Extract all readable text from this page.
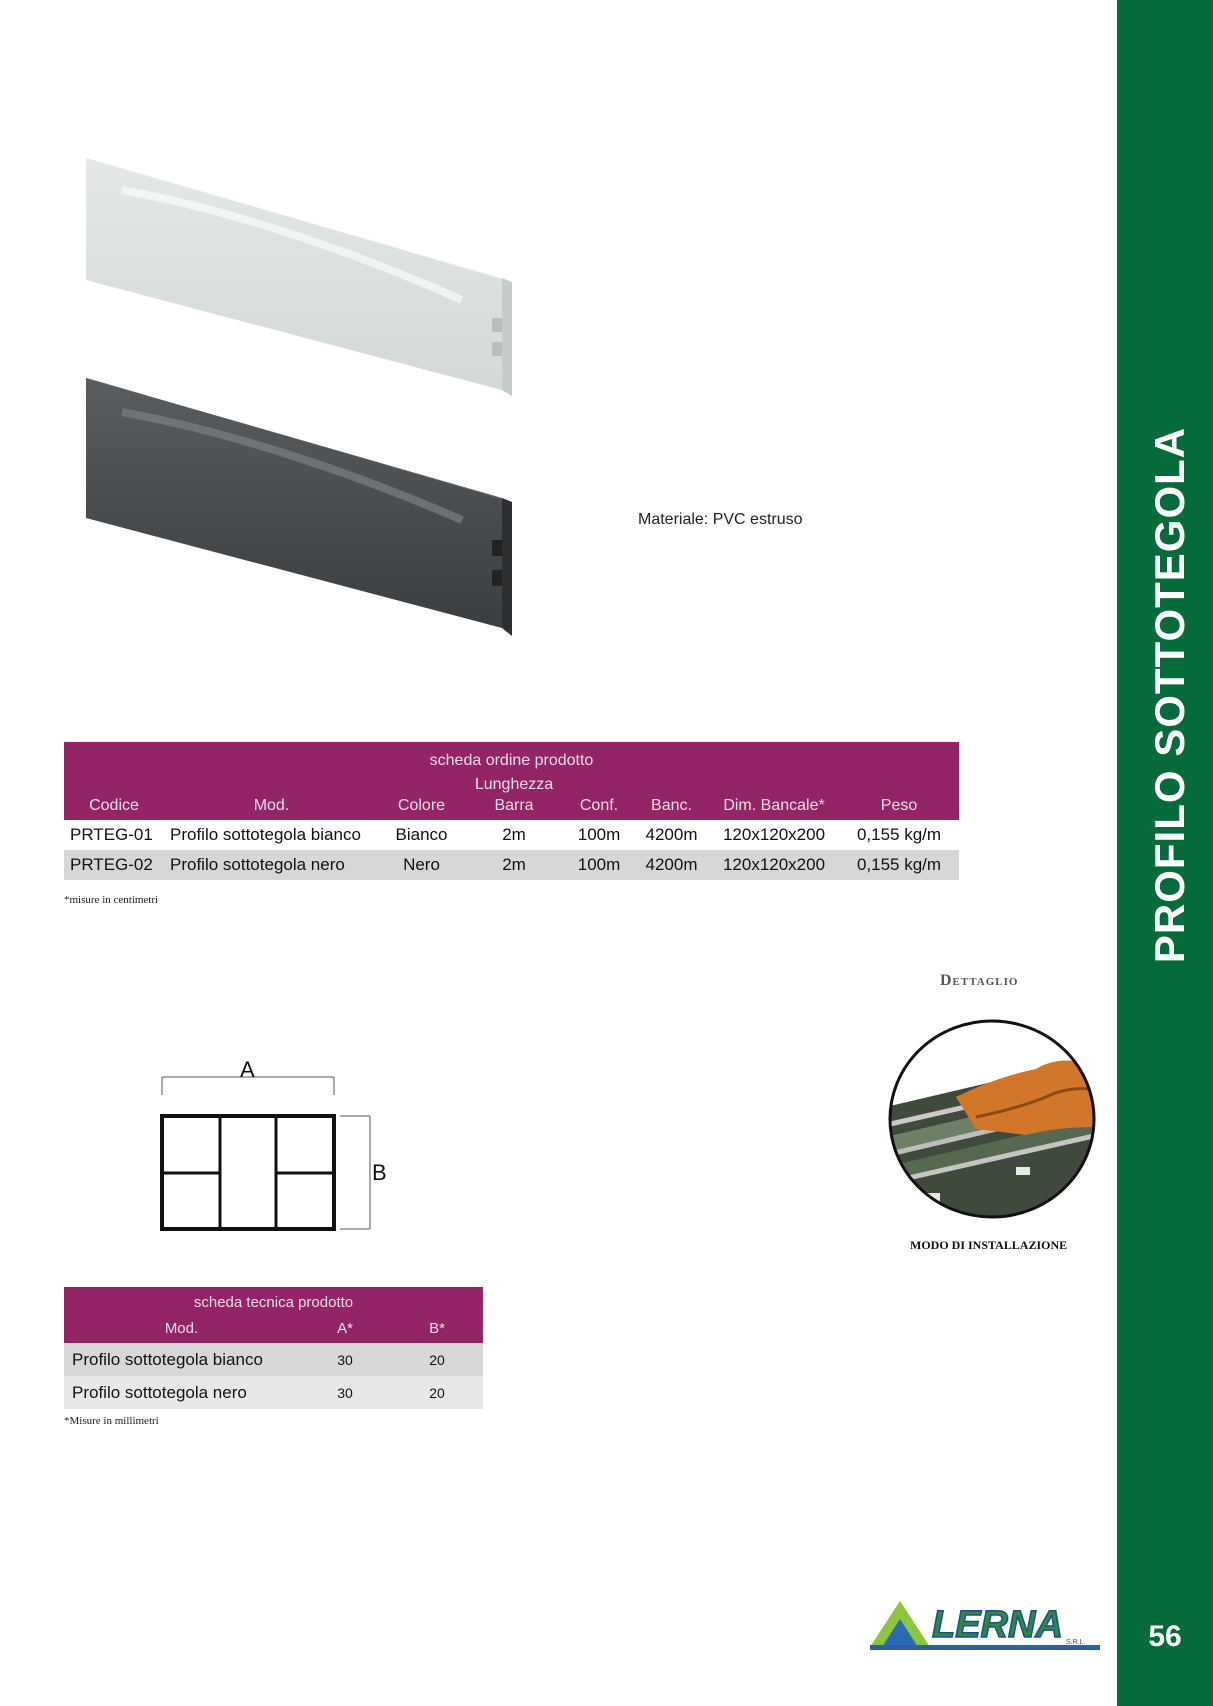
PROFILO SOTTOTEGOLA
56
Materiale: PVC estruso
scheda ordine prodotto							
Codice	Mod.	Colore	Lunghezza Barra	Conf.	Banc.	Dim. Bancale*	Peso
PRTEG-01	Profilo sottotegola bianco	Bianco	2m	100m	4200m	120x120x200	0,155 kg/m
PRTEG-02	Profilo sottotegola nero	Nero	2m	100m	4200m	120x120x200	0,155 kg/m
*misure in centimetri
Dettaglio
MODO DI INSTALLAZIONE
A
B
scheda tecnica prodotto		
Mod.	A*	B*
Profilo sottotegola bianco	30	20
Profilo sottotegola nero	30	20
*Misure in millimetri
LERNA S.R.L.
